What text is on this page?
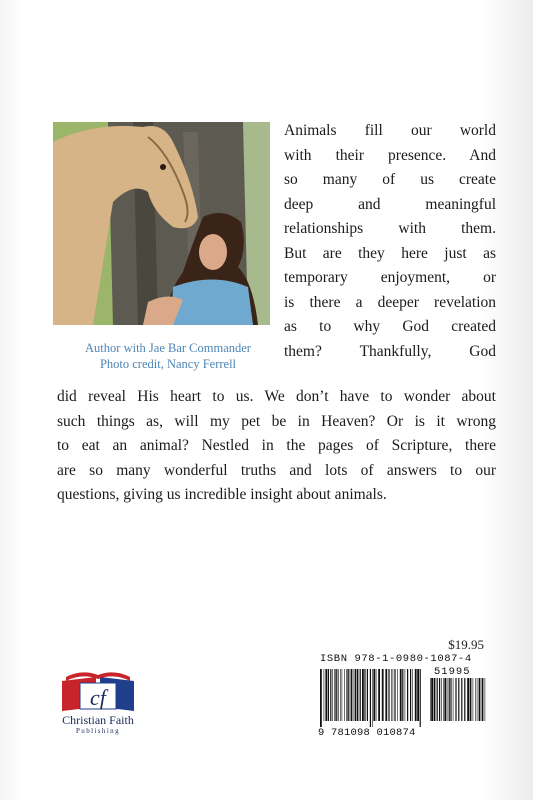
Author with Jae Bar Commander
Photo credit, Nancy Ferrell
Animals fill our world
with their presence. And
so many of us create
deep and meaningful
relationships with them.
But are they here just as
temporary enjoyment, or
is there a deeper revelation
as to why God created
them? Thankfully, God
did reveal His heart to us. We don’t have to wonder about
such things as, will my pet be in Heaven? Or is it wrong
to eat an animal? Nestled in the pages of Scripture, there
are so many wonderful truths and lots of answers to our
questions, giving us incredible insight about animals.
$19.95
ISBN 978-1-0980-1087-4
51995
9 781098 010874
cf
Christian Faith
Publishing
